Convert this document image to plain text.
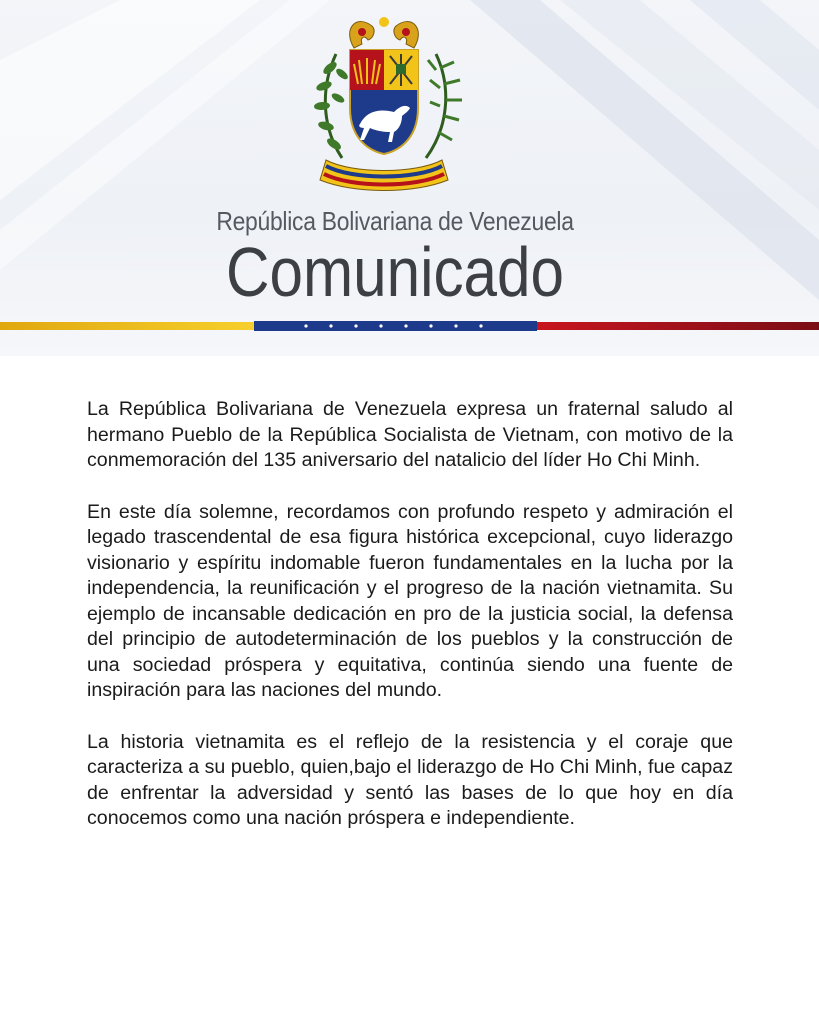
República Bolivariana de Venezuela
Comunicado

La República Bolivariana de Venezuela expresa un fraternal saludo al hermano Pueblo de la República Socialista de Vietnam, con motivo de la conmemoración del 135 aniversario del natalicio del líder Ho Chi Minh.

En este día solemne, recordamos con profundo respeto y admiración el legado trascendental de esa figura histórica excepcional, cuyo liderazgo visionario y espíritu indomable fueron fundamentales en la lucha por la independencia, la reunificación y el progreso de la nación vietnamita. Su ejemplo de incansable dedicación en pro de la justicia social, la defensa del principio de autodeterminación de los pueblos y la construcción de una sociedad próspera y equitativa, continúa siendo una fuente de inspiración para las naciones del mundo.

La historia vietnamita es el reflejo de la resistencia y el coraje que caracteriza a su pueblo, quien,bajo el liderazgo de Ho Chi Minh, fue capaz de enfrentar la adversidad y sentó las bases de lo que hoy en día conocemos como una nación próspera e independiente.
